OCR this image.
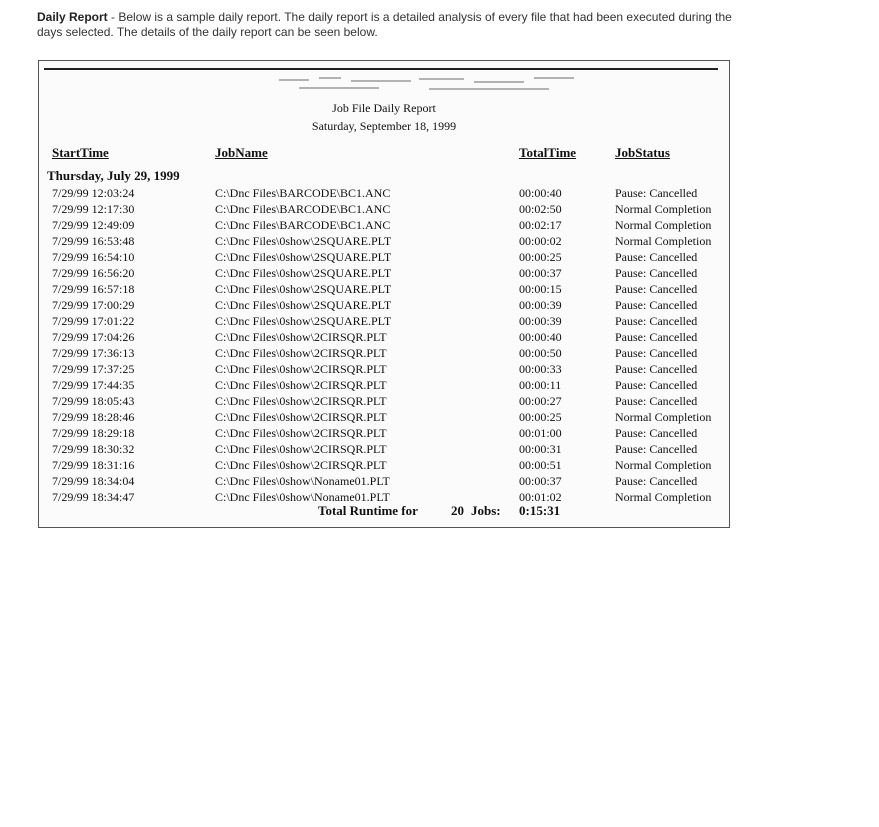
Daily Report - Below is a sample daily report. The daily report is a detailed analysis of every file that had been executed during the days selected. The details of the daily report can be seen below.
Job File Daily Report
Saturday, September 18, 1999
StartTime	JobName	TotalTime	JobStatus
Thursday, July 29, 1999
7/29/99 12:03:24	C:\Dnc Files\BARCODE\BC1.ANC	00:00:40	Pause: Cancelled
7/29/99 12:17:30	C:\Dnc Files\BARCODE\BC1.ANC	00:02:50	Normal Completion
7/29/99 12:49:09	C:\Dnc Files\BARCODE\BC1.ANC	00:02:17	Normal Completion
7/29/99 16:53:48	C:\Dnc Files\0show\2SQUARE.PLT	00:00:02	Normal Completion
7/29/99 16:54:10	C:\Dnc Files\0show\2SQUARE.PLT	00:00:25	Pause: Cancelled
7/29/99 16:56:20	C:\Dnc Files\0show\2SQUARE.PLT	00:00:37	Pause: Cancelled
7/29/99 16:57:18	C:\Dnc Files\0show\2SQUARE.PLT	00:00:15	Pause: Cancelled
7/29/99 17:00:29	C:\Dnc Files\0show\2SQUARE.PLT	00:00:39	Pause: Cancelled
7/29/99 17:01:22	C:\Dnc Files\0show\2SQUARE.PLT	00:00:39	Pause: Cancelled
7/29/99 17:04:26	C:\Dnc Files\0show\2CIRSQR.PLT	00:00:40	Pause: Cancelled
7/29/99 17:36:13	C:\Dnc Files\0show\2CIRSQR.PLT	00:00:50	Pause: Cancelled
7/29/99 17:37:25	C:\Dnc Files\0show\2CIRSQR.PLT	00:00:33	Pause: Cancelled
7/29/99 17:44:35	C:\Dnc Files\0show\2CIRSQR.PLT	00:00:11	Pause: Cancelled
7/29/99 18:05:43	C:\Dnc Files\0show\2CIRSQR.PLT	00:00:27	Pause: Cancelled
7/29/99 18:28:46	C:\Dnc Files\0show\2CIRSQR.PLT	00:00:25	Normal Completion
7/29/99 18:29:18	C:\Dnc Files\0show\2CIRSQR.PLT	00:01:00	Pause: Cancelled
7/29/99 18:30:32	C:\Dnc Files\0show\2CIRSQR.PLT	00:00:31	Pause: Cancelled
7/29/99 18:31:16	C:\Dnc Files\0show\2CIRSQR.PLT	00:00:51	Normal Completion
7/29/99 18:34:04	C:\Dnc Files\0show\Noname01.PLT	00:00:37	Pause: Cancelled
7/29/99 18:34:47	C:\Dnc Files\0show\Noname01.PLT	00:01:02	Normal Completion
Total Runtime for	20 Jobs: 0:15:31
